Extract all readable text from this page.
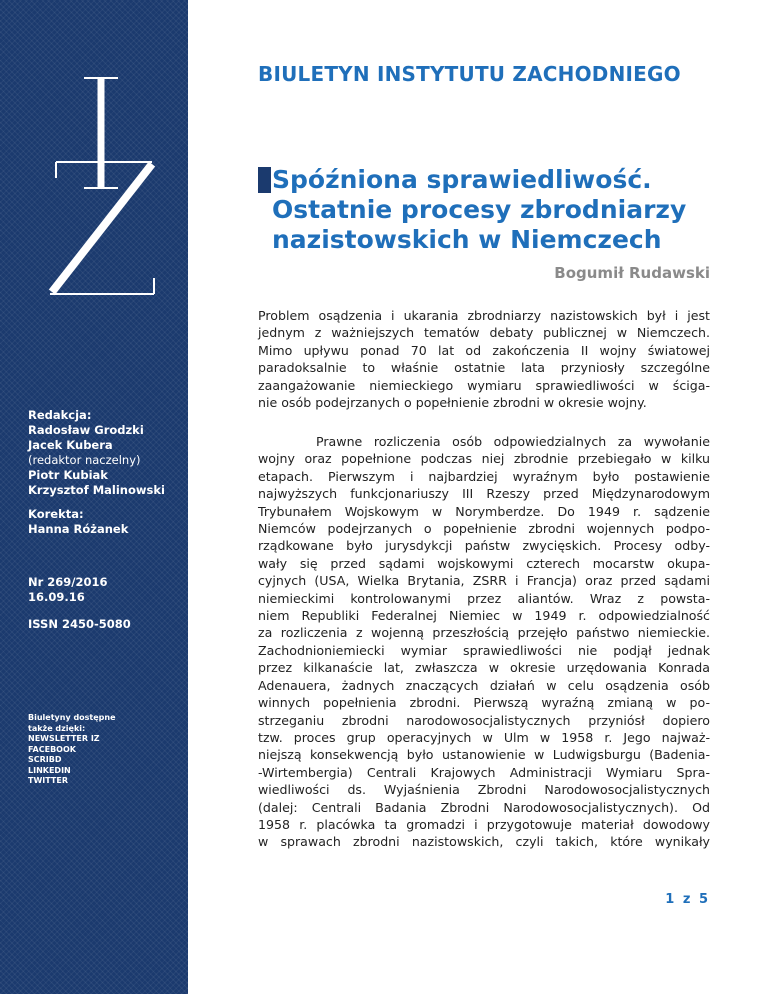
Redakcja:
Radosław Grodzki
Jacek Kubera
(redaktor naczelny)
Piotr Kubiak
Krzysztof Malinowski
Korekta:
Hanna Różanek
Nr 269/2016
16.09.16
ISSN 2450-5080
Biuletyny dostępne
także dzięki:
NEWSLETTER IZ
FACEBOOK
SCRIBD
LINKEDIN
TWITTER
BIULETYN INSTYTUTU ZACHODNIEGO
Spóźniona sprawiedliwość.
Ostatnie procesy zbrodniarzy
nazistowskich w Niemczech
Bogumił Rudawski
Problem osądzenia i ukarania zbrodniarzy nazistowskich był i jest
jednym z ważniejszych tematów debaty publicznej w Niemczech.
Mimo upływu ponad 70 lat od zakończenia II wojny światowej
paradoksalnie to właśnie ostatnie lata przyniosły szczególne
zaangażowanie niemieckiego wymiaru sprawiedliwości w ściga-
nie osób podejrzanych o popełnienie zbrodni w okresie wojny.
Prawne rozliczenia osób odpowiedzialnych za wywołanie
wojny oraz popełnione podczas niej zbrodnie przebiegało w kilku
etapach. Pierwszym i najbardziej wyraźnym było postawienie
najwyższych funkcjonariuszy III Rzeszy przed Międzynarodowym
Trybunałem Wojskowym w Norymberdze. Do 1949 r. sądzenie
Niemców podejrzanych o popełnienie zbrodni wojennych podpo-
rządkowane było jurysdykcji państw zwycięskich. Procesy odby-
wały się przed sądami wojskowymi czterech mocarstw okupa-
cyjnych (USA, Wielka Brytania, ZSRR i Francja) oraz przed sądami
niemieckimi kontrolowanymi przez aliantów. Wraz z powsta-
niem Republiki Federalnej Niemiec w 1949 r. odpowiedzialność
za rozliczenia z wojenną przeszłością przejęło państwo niemieckie.
Zachodnioniemiecki wymiar sprawiedliwości nie podjął jednak
przez kilkanaście lat, zwłaszcza w okresie urzędowania Konrada
Adenauera, żadnych znaczących działań w celu osądzenia osób
winnych popełnienia zbrodni. Pierwszą wyraźną zmianą w po-
strzeganiu zbrodni narodowosocjalistycznych przyniósł dopiero
tzw. proces grup operacyjnych w Ulm w 1958 r. Jego najważ-
niejszą konsekwencją było ustanowienie w Ludwigsburgu (Badenia-
-Wirtembergia) Centrali Krajowych Administracji Wymiaru Spra-
wiedliwości ds. Wyjaśnienia Zbrodni Narodowosocjalistycznych
(dalej: Centrali Badania Zbrodni Narodowosocjalistycznych). Od
1958 r. placówka ta gromadzi i przygotowuje materiał dowodowy
w sprawach zbrodni nazistowskich, czyli takich, które wynikały
1 z 5
